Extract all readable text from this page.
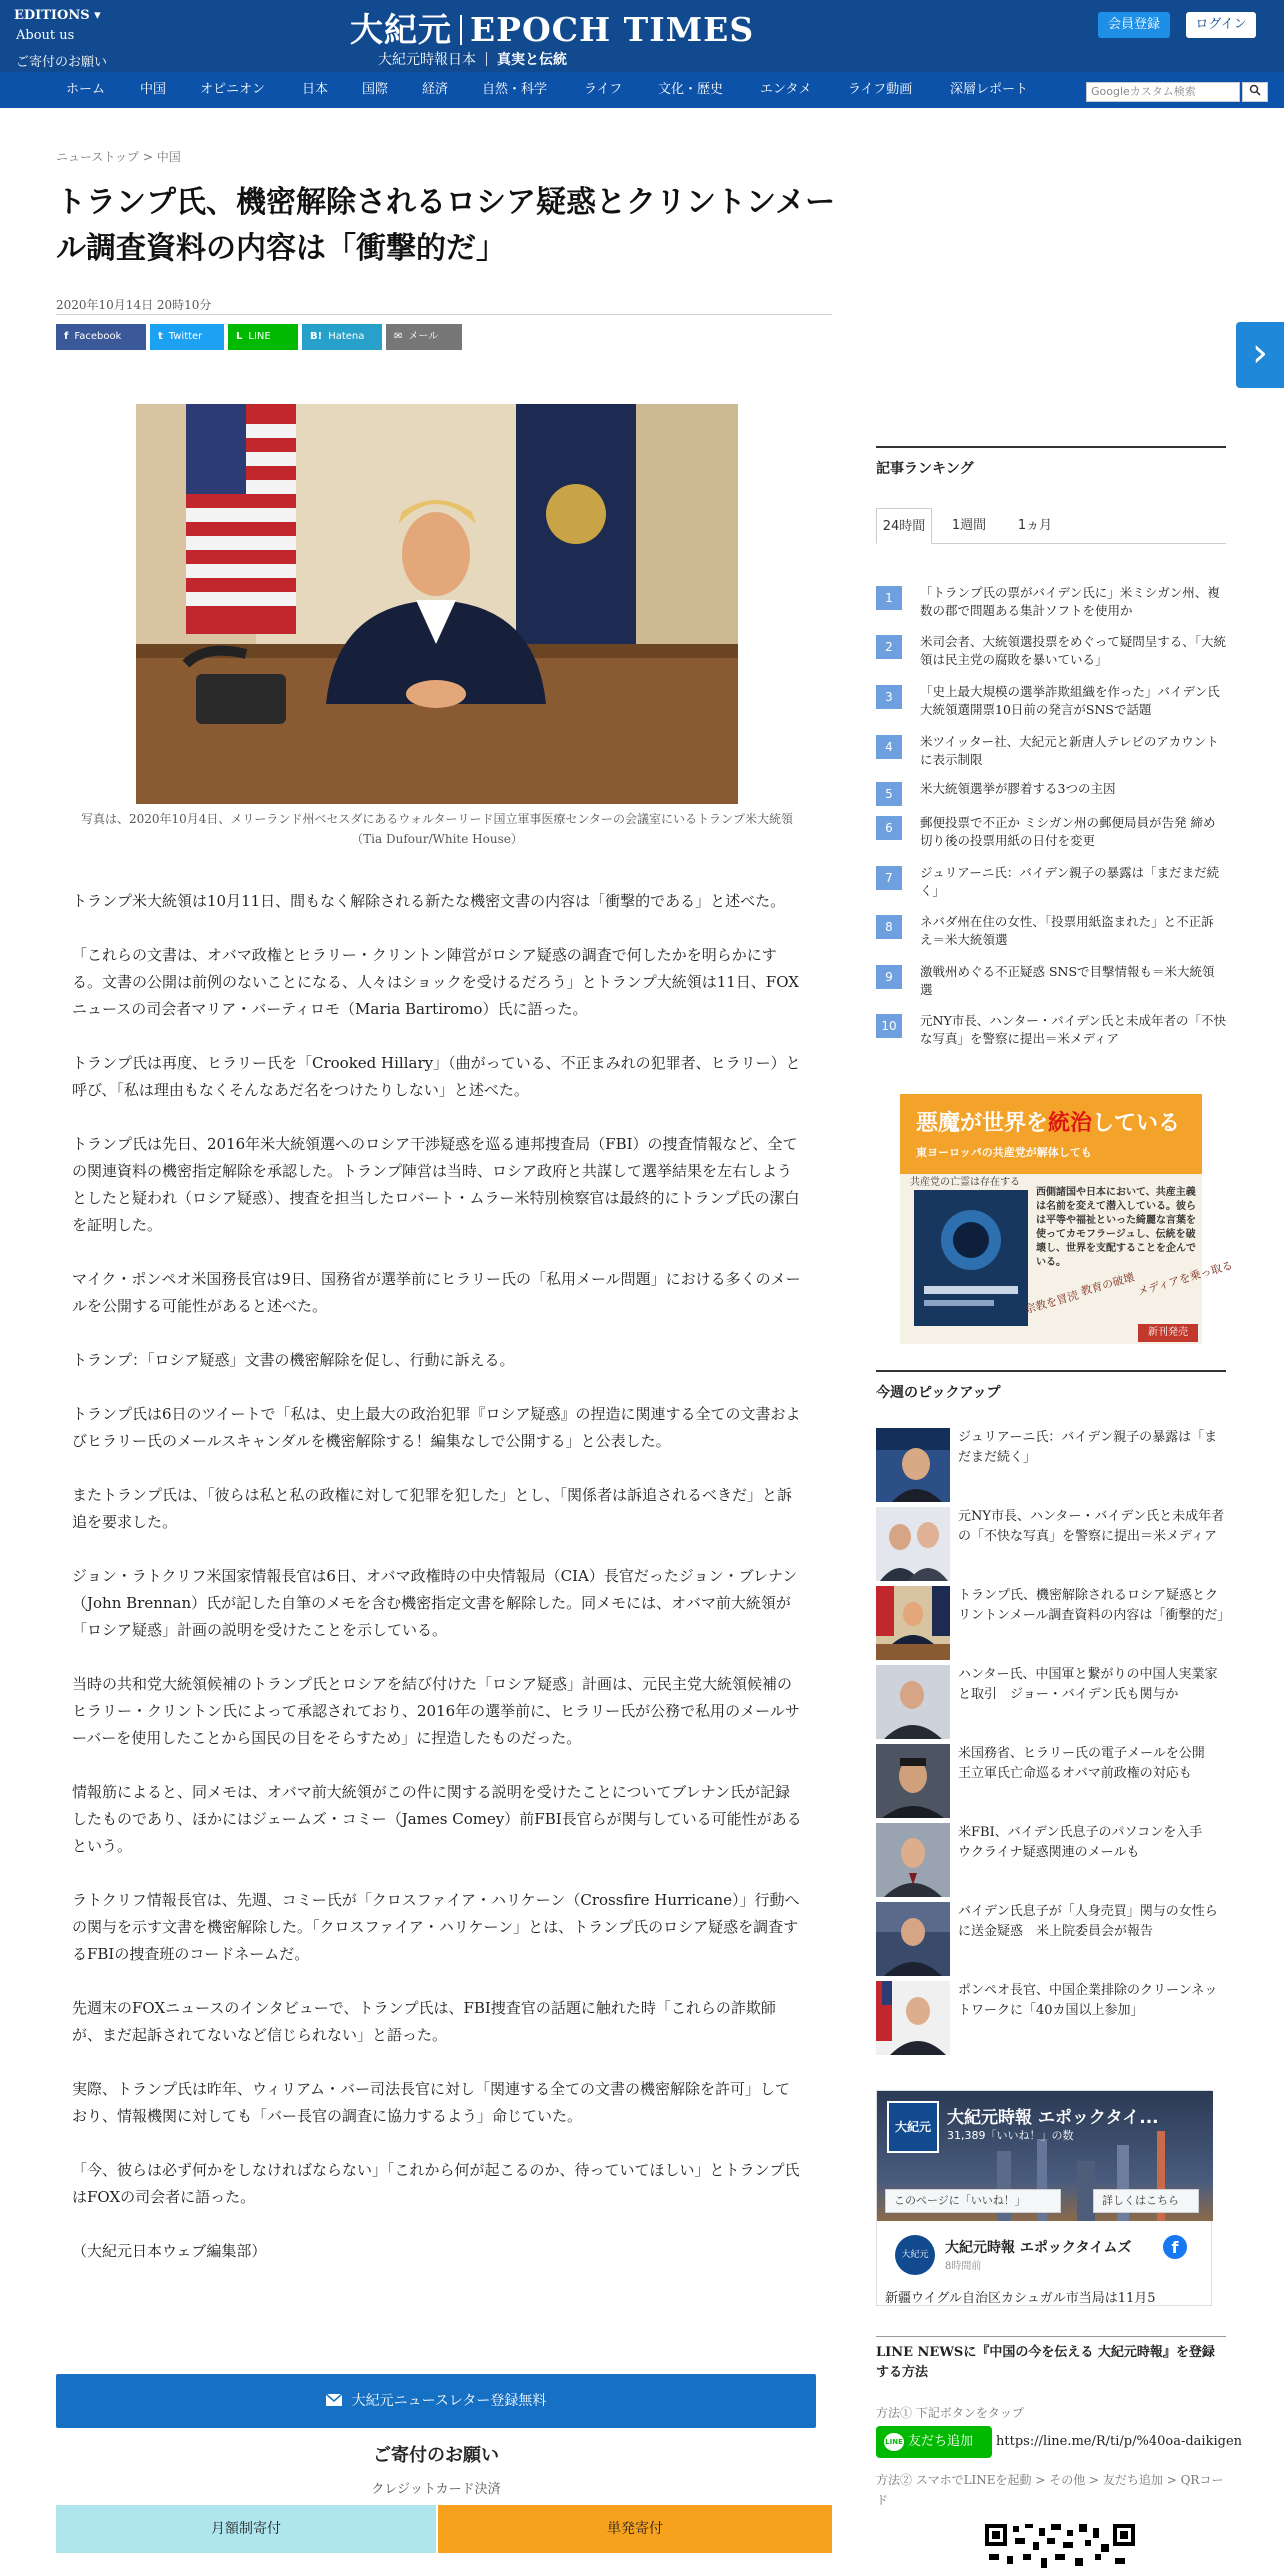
EDITIONS ▾
About us
ご寄付のお願い
大紀元 EPOCH TIMES
大紀元時報日本 真実と伝統
会員登録	ログイン
ホーム	中国	オピニオン	日本	国際	経済	自然・科学	ライフ	文化・歴史	エンタメ	ライフ動画	深層レポート	Googleカスタム検索
ニューストップ > 中国
トランプ氏、機密解除されるロシア疑惑とクリントンメール調査資料の内容は「衝撃的だ」
2020年10月14日 20時10分
f Facebook	t Twitter	L LINE	B! Hatena	✉ メール	›
写真は、2020年10月4日、メリーランド州ベセスダにあるウォルターリード国立軍事医療センターの会議室にいるトランプ米大統領（Tia Dufour/White House）

トランプ米大統領は10月11日、間もなく解除される新たな機密文書の内容は「衝撃的である」と述べた。

「これらの文書は、オバマ政権とヒラリー・クリントン陣営がロシア疑惑の調査で何したかを明らかにする。文書の公開は前例のないことになる、人々はショックを受けるだろう」とトランプ大統領は11日、FOXニュースの司会者マリア・バーティロモ（Maria Bartiromo）氏に語った。

トランプ氏は再度、ヒラリー氏を「Crooked Hillary」（曲がっている、不正まみれの犯罪者、ヒラリー）と呼び、「私は理由もなくそんなあだ名をつけたりしない」と述べた。

トランプ氏は先日、2016年米大統領選へのロシア干渉疑惑を巡る連邦捜査局（FBI）の捜査情報など、全ての関連資料の機密指定解除を承認した。トランプ陣営は当時、ロシア政府と共謀して選挙結果を左右しようとしたと疑われ（ロシア疑惑）、捜査を担当したロバート・ムラー米特別検察官は最終的にトランプ氏の潔白を証明した。

マイク・ポンペオ米国務長官は9日、国務省が選挙前にヒラリー氏の「私用メール問題」における多くのメールを公開する可能性があると述べた。

トランプ：「ロシア疑惑」文書の機密解除を促し、行動に訴える。

トランプ氏は6日のツイートで「私は、史上最大の政治犯罪『ロシア疑惑』の捏造に関連する全ての文書およびヒラリー氏のメールスキャンダルを機密解除する！編集なしで公開する」と公表した。

またトランプ氏は、「彼らは私と私の政権に対して犯罪を犯した」とし、「関係者は訴追されるべきだ」と訴追を要求した。

ジョン・ラトクリフ米国家情報長官は6日、オバマ政権時の中央情報局（CIA）長官だったジョン・ブレナン（John Brennan）氏が記した自筆のメモを含む機密指定文書を解除した。同メモには、オバマ前大統領が「ロシア疑惑」計画の説明を受けたことを示している。

当時の共和党大統領候補のトランプ氏とロシアを結び付けた「ロシア疑惑」計画は、元民主党大統領候補のヒラリー・クリントン氏によって承認されており、2016年の選挙前に、ヒラリー氏が公務で私用のメールサーバーを使用したことから国民の目をそらすため」に捏造したものだった。

情報筋によると、同メモは、オバマ前大統領がこの件に関する説明を受けたことについてブレナン氏が記録したものであり、ほかにはジェームズ・コミー（James Comey）前FBI長官らが関与している可能性があるという。

ラトクリフ情報長官は、先週、コミー氏が「クロスファイア・ハリケーン（Crossfire Hurricane）」行動への関与を示す文書を機密解除した。「クロスファイア・ハリケーン」とは、トランプ氏のロシア疑惑を調査するFBIの捜査班のコードネームだ。

先週末のFOXニュースのインタビューで、トランプ氏は、FBI捜査官の話題に触れた時「これらの詐欺師が、まだ起訴されてないなど信じられない」と語った。

実際、トランプ氏は昨年、ウィリアム・バー司法長官に対し「関連する全ての文書の機密解除を許可」しており、情報機関に対しても「バー長官の調査に協力するよう」命じていた。

「今、彼らは必ず何かをしなければならない」「これから何が起こるのか、待っていてほしい」とトランプ氏はFOXの司会者に語った。

（大紀元日本ウェブ編集部）

大紀元ニュースレター登録無料
ご寄付のお願い
クレジットカード決済
月額制寄付	単発寄付
記事ランキング
24時間	1週間	1ヵ月
1	「トランプ氏の票がバイデン氏に」米ミシガン州、複数の郡で問題ある集計ソフトを使用か
2	米司会者、大統領選投票をめぐって疑問呈する、「大統領は民主党の腐敗を暴いている」
3	「史上最大規模の選挙詐欺組織を作った」バイデン氏大統領選開票10日前の発言がSNSで話題
4	米ツイッター社、大紀元と新唐人テレビのアカウントに表示制限
5	米大統領選挙が膠着する3つの主因
6	郵便投票で不正か ミシガン州の郵便局員が告発 締め切り後の投票用紙の日付を変更
7	ジュリアーニ氏：バイデン親子の暴露は「まだまだ続く」
8	ネバダ州在住の女性、「投票用紙盗まれた」と不正訴え＝米大統領選
9	激戦州めぐる不正疑惑 SNSで目撃情報も＝米大統領選
10	元NY市長、ハンター・バイデン氏と未成年者の「不快な写真」を警察に提出＝米メディア
悪魔が世界を統治している
東ヨーロッパの共産党が解体しても
共産党の亡霊は存在する
西側諸国や日本において、共産主義は名前を変えて潜入している。彼らは平等や福祉といった綺麗な言葉を使ってカモフラージュし、伝統を破壊し、世界を支配することを企んでいる。
宗教を冒涜
教育の破壊 メディアを乗っ取る
新刊発売
今週のピックアップ
ジュリアーニ氏：バイデン親子の暴露は「まだまだ続く」
元NY市長、ハンター・バイデン氏と未成年者の「不快な写真」を警察に提出＝米メディア
トランプ氏、機密解除されるロシア疑惑とクリントンメール調査資料の内容は「衝撃的だ」
ハンター氏、中国軍と繋がりの中国人実業家と取引　ジョー・バイデン氏も関与か
米国務省、ヒラリー氏の電子メールを公開　王立軍氏亡命巡るオバマ前政権の対応も
米FBI、バイデン氏息子のパソコンを入手　ウクライナ疑惑関連のメールも
バイデン氏息子が「人身売買」関与の女性らに送金疑惑　米上院委員会が報告
ポンペオ長官、中国企業排除のクリーンネットワークに「40カ国以上参加」
大紀元 大紀元時報 エポックタイ...
31,389「いいね！」の数
このページに「いいね！」	詳しくはこちら
大紀元	大紀元時報 エポックタイムズ
8時間前
f
新疆ウイグル自治区カシュガル市当局は11月5
LINE NEWSに『中国の今を伝える 大紀元時報』を登録する方法
方法① 下記ボタンをタップ
LINE 友だち追加	https://line.me/R/ti/p/%40oa-daikigen
方法② スマホでLINEを起動 > その他 > 友だち追加 > QRコード
